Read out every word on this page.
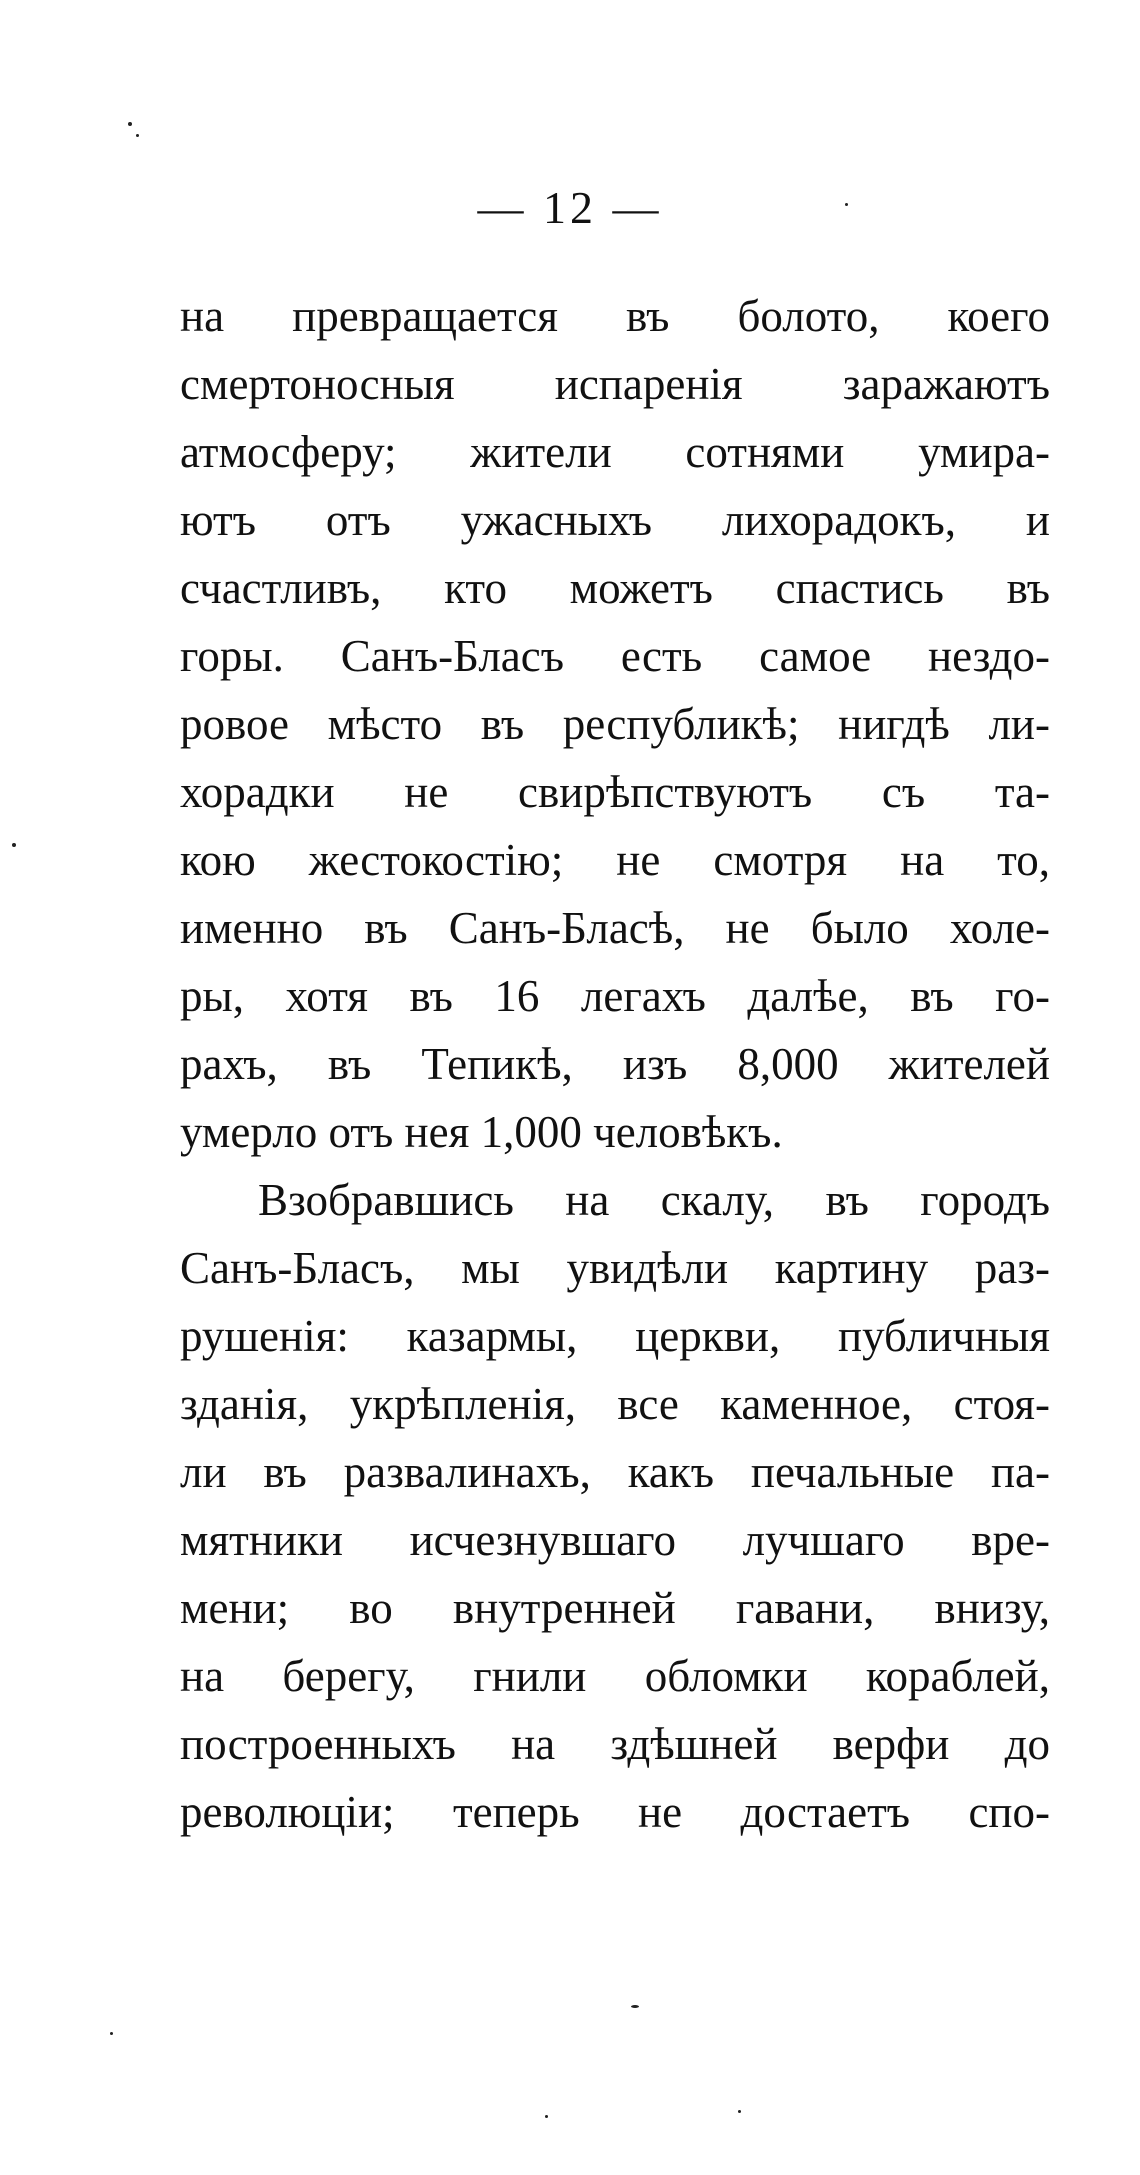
— 12 —
на превращается въ болото, коего
смертоносныя испаренія заражаютъ
атмосферу; жители сотнями умира-
ютъ отъ ужасныхъ лихорадокъ, и
счастливъ, кто можетъ спастись въ
горы. Санъ-Бласъ есть самое нездо-
ровое мѣсто въ республикѣ; нигдѣ ли-
хорадки не свирѣпствуютъ съ та-
кою жестокостію; не смотря на то,
именно въ Санъ-Бласѣ, не было холе-
ры, хотя въ 16 легахъ далѣе, въ го-
рахъ, въ Тепикѣ, изъ 8,000 жителей
умерло отъ нея 1,000 человѣкъ.
Взобравшись на скалу, въ городъ
Санъ-Бласъ, мы увидѣли картину раз-
рушенія: казармы, церкви, публичныя
зданія, укрѣпленія, все каменное, стоя-
ли въ развалинахъ, какъ печальные па-
мятники исчезнувшаго лучшаго вре-
мени; во внутренней гавани, внизу,
на берегу, гнили обломки кораблей,
построенныхъ на здѣшней верфи до
революціи; теперь не достаетъ спо-
